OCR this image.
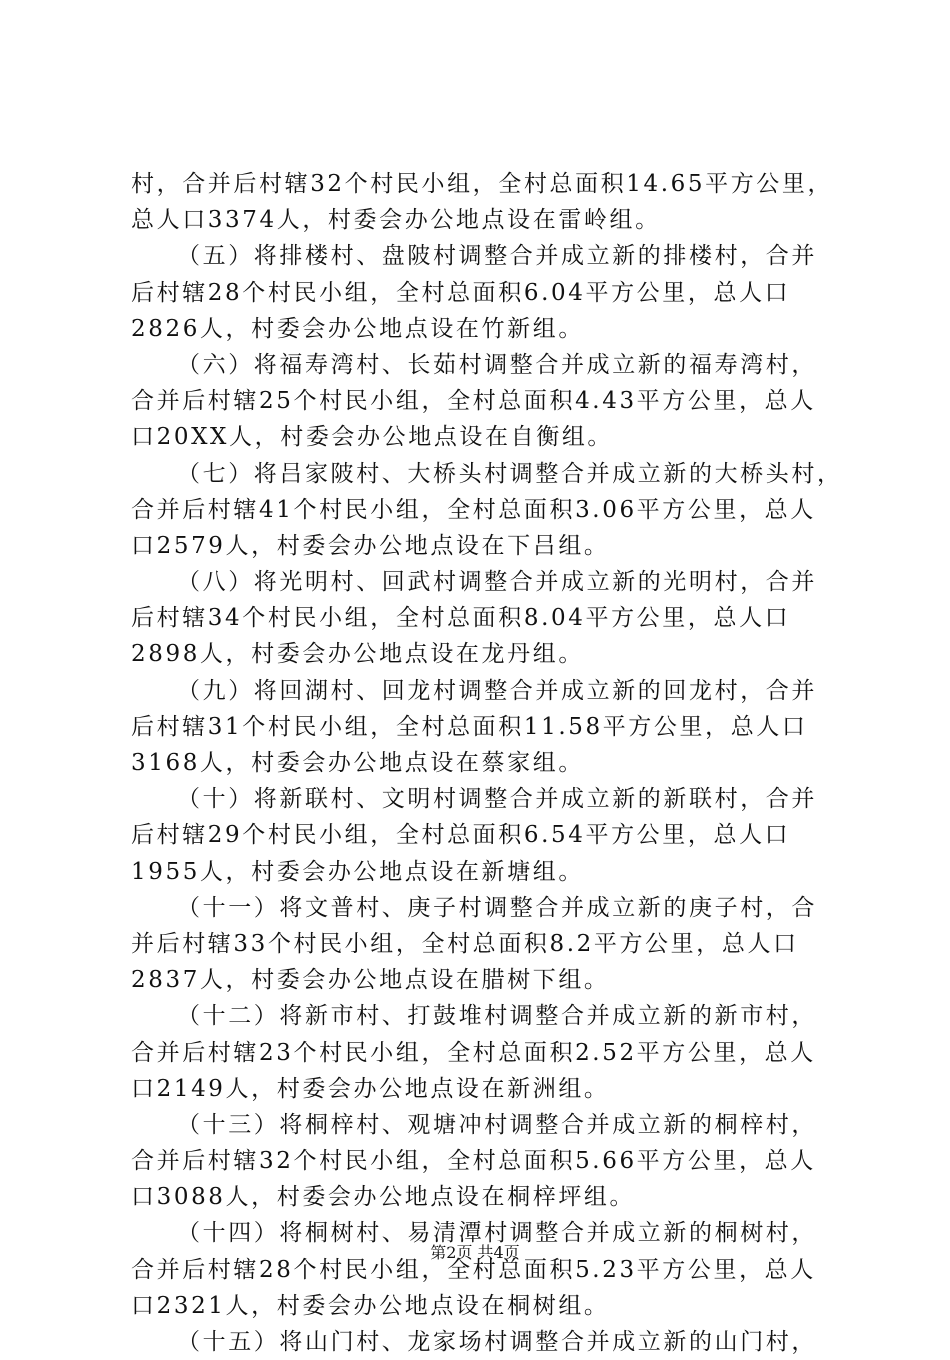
村，合并后村辖32个村民小组，全村总面积14.65平方公里，
总人口3374人，村委会办公地点设在雷岭组。
（五）将排楼村、盘陂村调整合并成立新的排楼村，合并
后村辖28个村民小组，全村总面积6.04平方公里，总人口
2826人，村委会办公地点设在竹新组。
（六）将福寿湾村、长茹村调整合并成立新的福寿湾村，
合并后村辖25个村民小组，全村总面积4.43平方公里，总人
口20XX人，村委会办公地点设在自衡组。
（七）将吕家陂村、大桥头村调整合并成立新的大桥头村，
合并后村辖41个村民小组，全村总面积3.06平方公里，总人
口2579人，村委会办公地点设在下吕组。
（八）将光明村、回武村调整合并成立新的光明村，合并
后村辖34个村民小组，全村总面积8.04平方公里，总人口
2898人，村委会办公地点设在龙丹组。
（九）将回湖村、回龙村调整合并成立新的回龙村，合并
后村辖31个村民小组，全村总面积11.58平方公里，总人口
3168人，村委会办公地点设在蔡家组。
（十）将新联村、文明村调整合并成立新的新联村，合并
后村辖29个村民小组，全村总面积6.54平方公里，总人口
1955人，村委会办公地点设在新塘组。
（十一）将文普村、庚子村调整合并成立新的庚子村，合
并后村辖33个村民小组，全村总面积8.2平方公里，总人口
2837人，村委会办公地点设在腊树下组。
（十二）将新市村、打鼓堆村调整合并成立新的新市村，
合并后村辖23个村民小组，全村总面积2.52平方公里，总人
口2149人，村委会办公地点设在新洲组。
（十三）将桐梓村、观塘冲村调整合并成立新的桐梓村，
合并后村辖32个村民小组，全村总面积5.66平方公里，总人
口3088人，村委会办公地点设在桐梓坪组。
（十四）将桐树村、易清潭村调整合并成立新的桐树村，
合并后村辖28个村民小组，全村总面积5.23平方公里，总人
口2321人，村委会办公地点设在桐树组。
（十五）将山门村、龙家场村调整合并成立新的山门村，
第2页 共4页
